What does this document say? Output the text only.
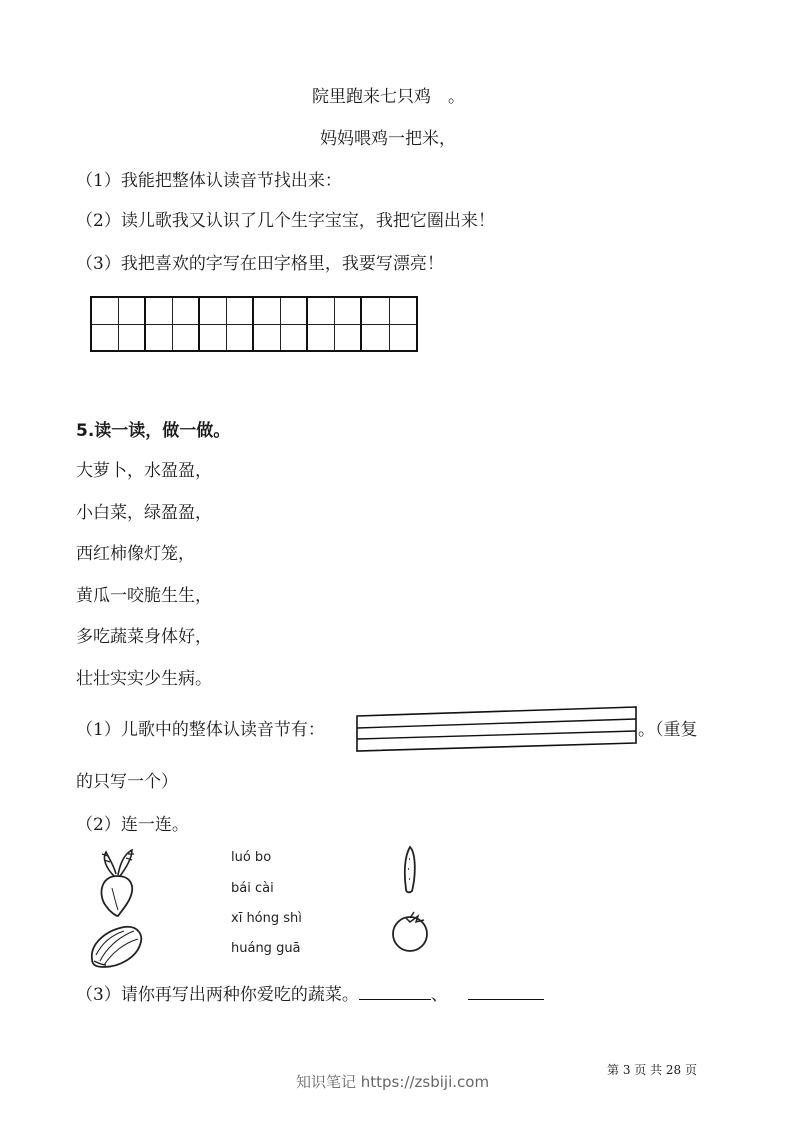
院里跑来七只鸡　。
妈妈喂鸡一把米，
（1）我能把整体认读音节找出来：
（2）读儿歌我又认识了几个生字宝宝，我把它圈出来！
（3）我把喜欢的字写在田字格里，我要写漂亮！
5.读一读，做一做。
大萝卜，水盈盈，
小白菜，绿盈盈，
西红柿像灯笼，
黄瓜一咬脆生生，
多吃蔬菜身体好，
壮壮实实少生病。
（1）儿歌中的整体认读音节有：	。（重复
的只写一个）
（2）连一连。
luó bo
bái cài
xī hóng shì
huáng guā
（3）请你再写出两种你爱吃的蔬菜。	、
第 3 页 共 28 页
知识笔记 https://zsbiji.com
